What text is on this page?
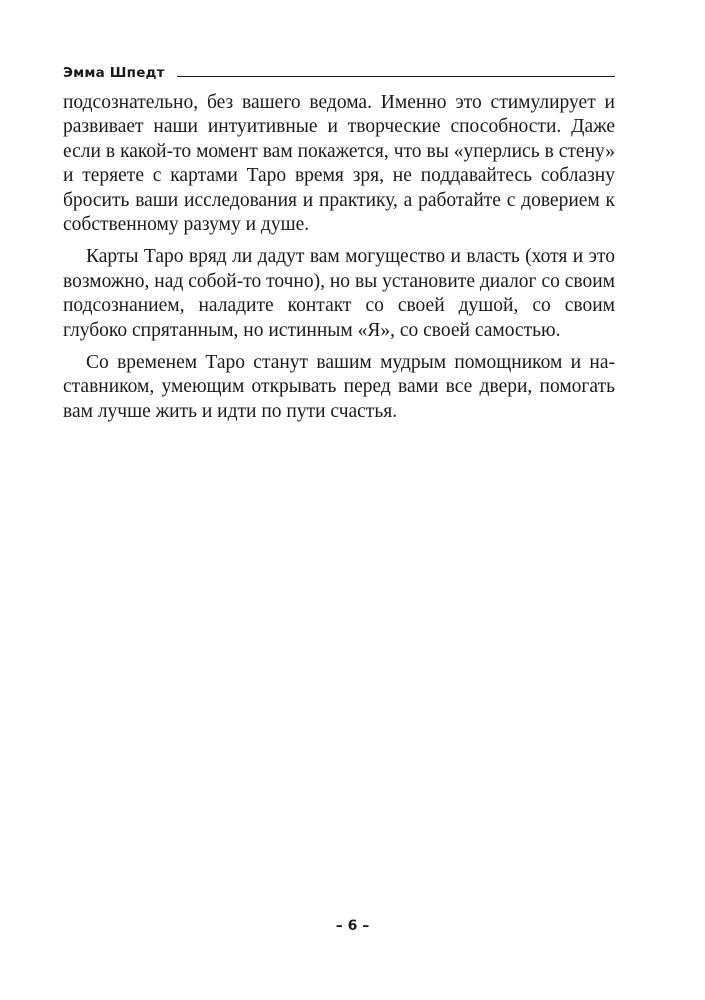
Эмма Шпедт

подсознательно, без вашего ведома. Именно это стимулирует и развивает наши интуитивные и творческие способности. Даже если в какой-то момент вам покажется, что вы «уперлись в стену» и теряете с картами Таро время зря, не поддавайтесь соблазну бросить ваши исследования и практику, а работайте с доверием к собственному разуму и душе.

Карты Таро вряд ли дадут вам могущество и власть (хотя и это возможно, над собой-то точно), но вы установите диалог со своим подсознанием, наладите контакт со своей душой, со своим глубоко спрятанным, но истинным «Я», со своей самостью.

Со временем Таро станут вашим мудрым помощником и наставником, умеющим открывать перед вами все двери, помогать вам лучше жить и идти по пути счастья.

– 6 –
